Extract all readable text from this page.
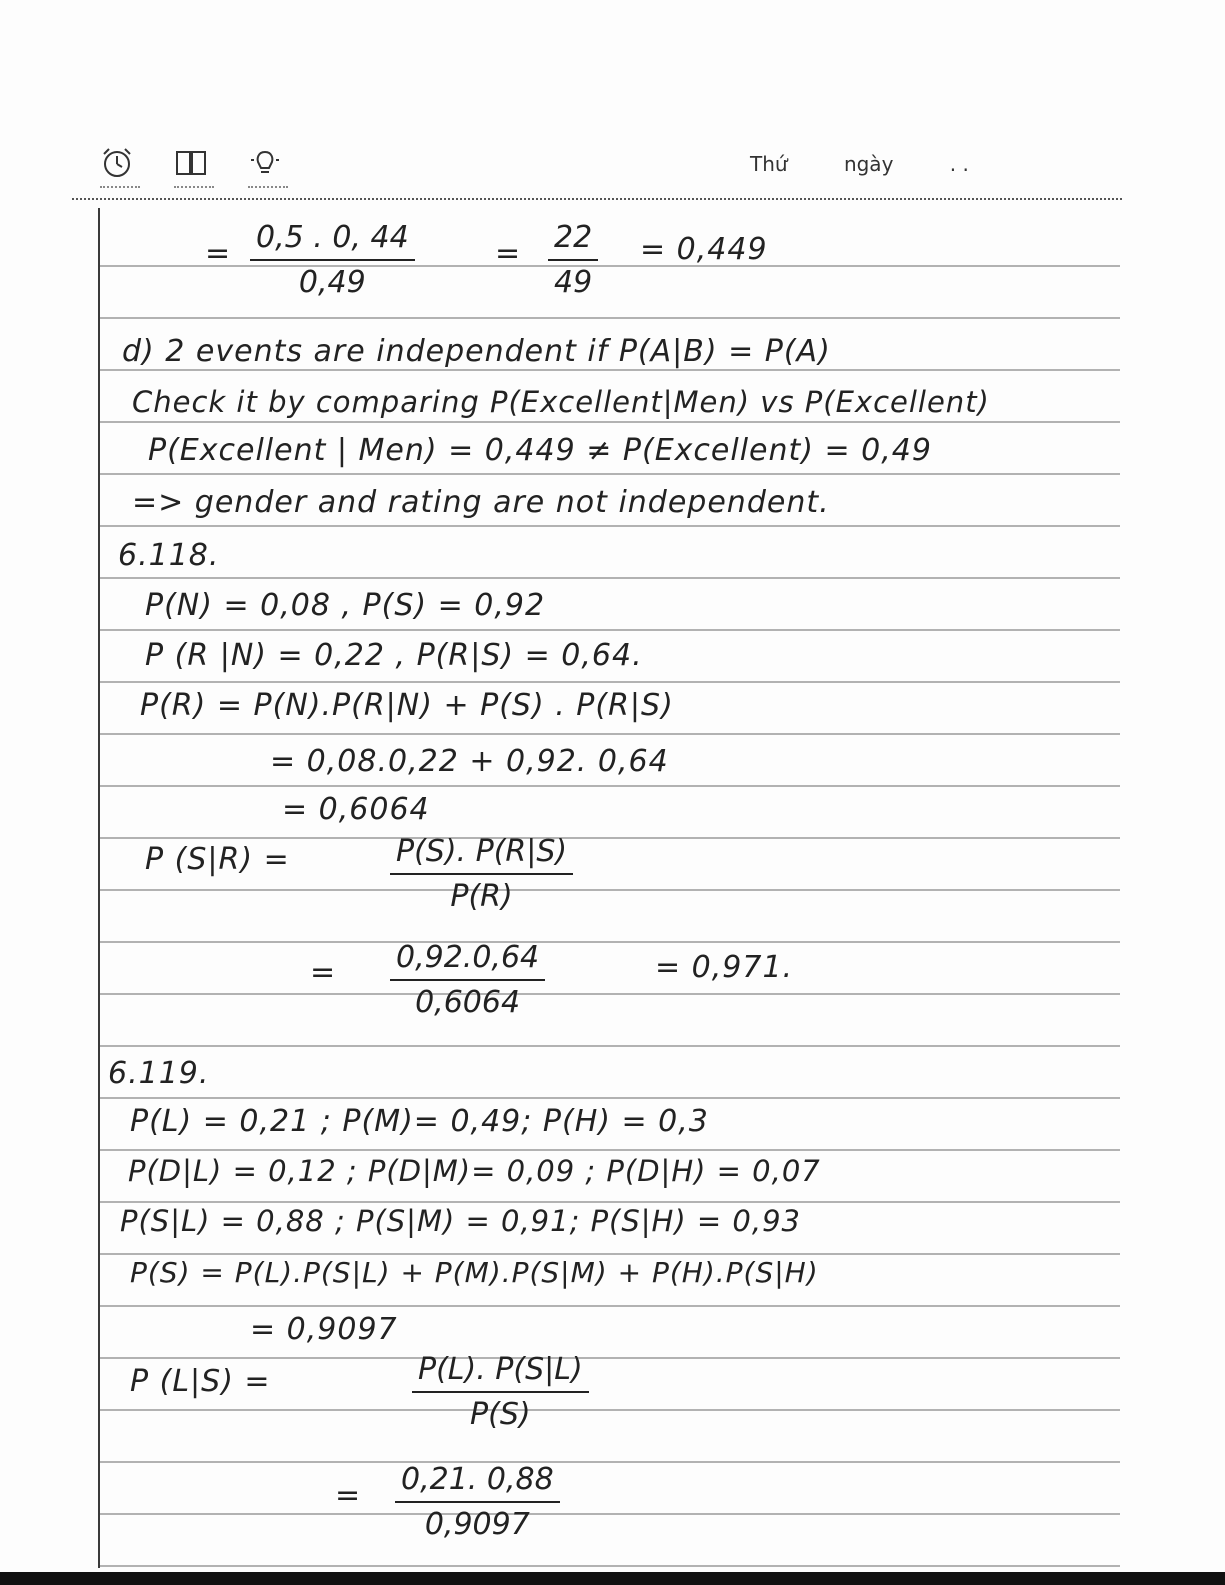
Thứ	ngày	. .
= 0,5 . 0, 44
0,49
= 22
49
= 0,449
d) 2 events are independent if P(A|B) = P(A)
Check it by comparing P(Excellent|Men) vs P(Excellent)
P(Excellent | Men) = 0,449 ≠ P(Excellent) = 0,49
=> gender and rating are not independent.
6.118.
P(N) = 0,08 , P(S) = 0,92
P (R |N) = 0,22 , P(R|S) = 0,64.
P(R) = P(N).P(R|N) + P(S) . P(R|S)
= 0,08.0,22 + 0,92. 0,64
= 0,6064
P (S|R) =	P(S). P(R|S)
P(R)
= 0,92.0,64
0,6064
= 0,971.
6.119.
P(L) = 0,21 ; P(M)= 0,49; P(H) = 0,3
P(D|L) = 0,12 ; P(D|M)= 0,09 ; P(D|H) = 0,07
P(S|L) = 0,88 ; P(S|M) = 0,91; P(S|H) = 0,93
P(S) = P(L).P(S|L) + P(M).P(S|M) + P(H).P(S|H)
= 0,9097
P (L|S) =	P(L). P(S|L)
P(S)
= 0,21. 0,88
0,9097
